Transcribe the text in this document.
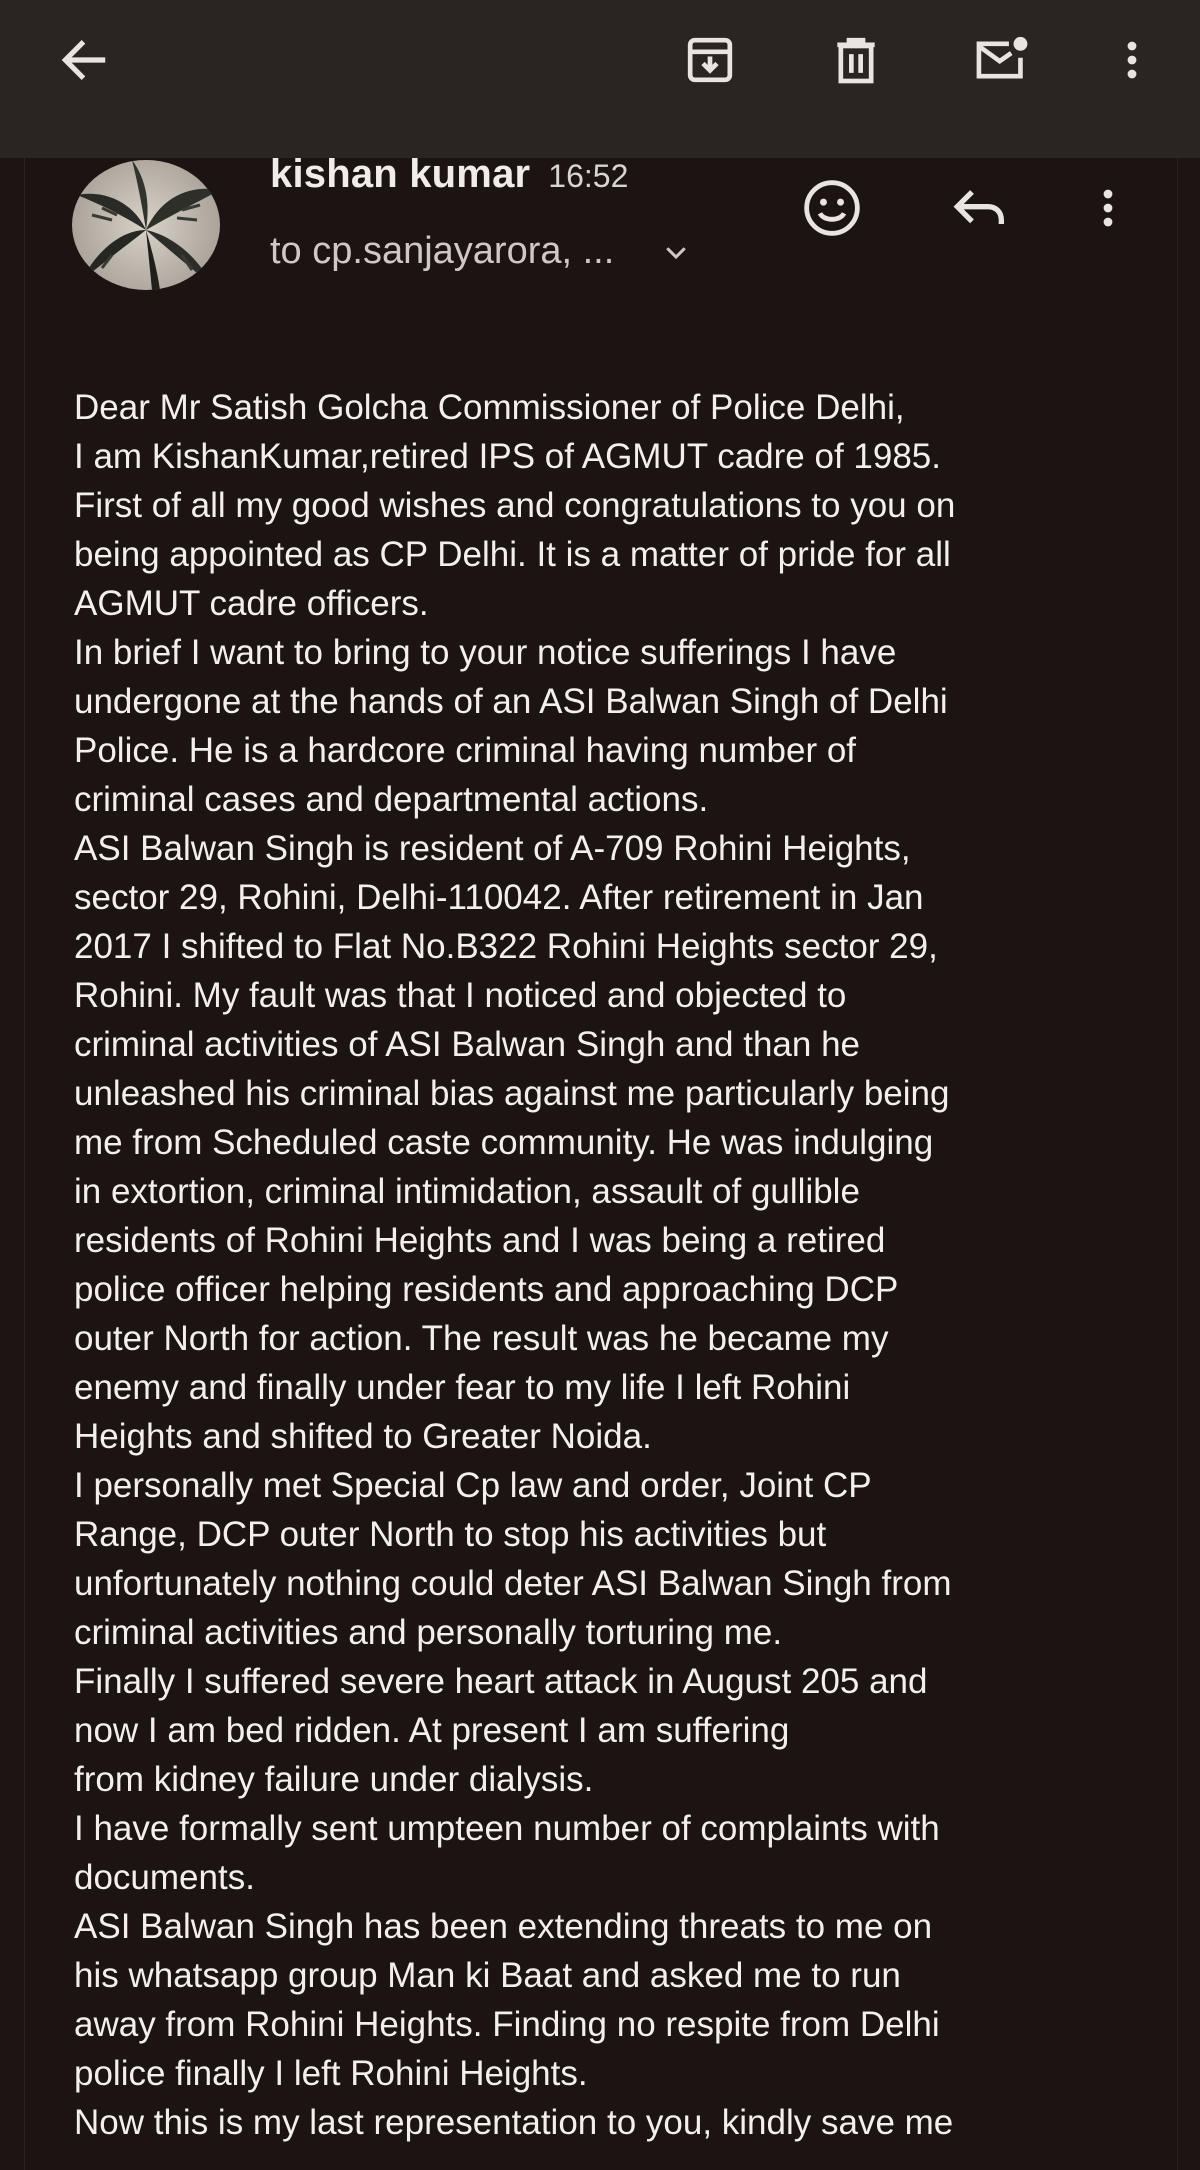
kishan kumar 16:52
to cp.sanjayarora, ...
Dear Mr Satish Golcha Commissioner of Police Delhi,
I am KishanKumar,retired IPS of AGMUT cadre of 1985.
First of all my good wishes and congratulations to you on
being appointed as CP Delhi. It is a matter of pride for all
AGMUT cadre officers.
In brief I want to bring to your notice sufferings I have
undergone at the hands of an ASI Balwan Singh of Delhi
Police. He is a hardcore criminal having number of
criminal cases and departmental actions.
ASI Balwan Singh is resident of A-709 Rohini Heights,
sector 29, Rohini, Delhi-110042. After retirement in Jan
2017 I shifted to Flat No.B322 Rohini Heights sector 29,
Rohini. My fault was that I noticed and objected to
criminal activities of ASI Balwan Singh and than he
unleashed his criminal bias against me particularly being
me from Scheduled caste community. He was indulging
in extortion, criminal intimidation, assault of gullible
residents of Rohini Heights and I was being a retired
police officer helping residents and approaching DCP
outer North for action. The result was he became my
enemy and finally under fear to my life I left Rohini
Heights and shifted to Greater Noida.
I personally met Special Cp law and order, Joint CP
Range, DCP outer North to stop his activities but
unfortunately nothing could deter ASI Balwan Singh from
criminal activities and personally torturing me.
Finally I suffered severe heart attack in August 205 and
now I am bed ridden. At present I am suffering
from kidney failure under dialysis.
I have formally sent umpteen number of complaints with
documents.
ASI Balwan Singh has been extending threats to me on
his whatsapp group Man ki Baat and asked me to run
away from Rohini Heights. Finding no respite from Delhi
police finally I left Rohini Heights.
Now this is my last representation to you, kindly save me
